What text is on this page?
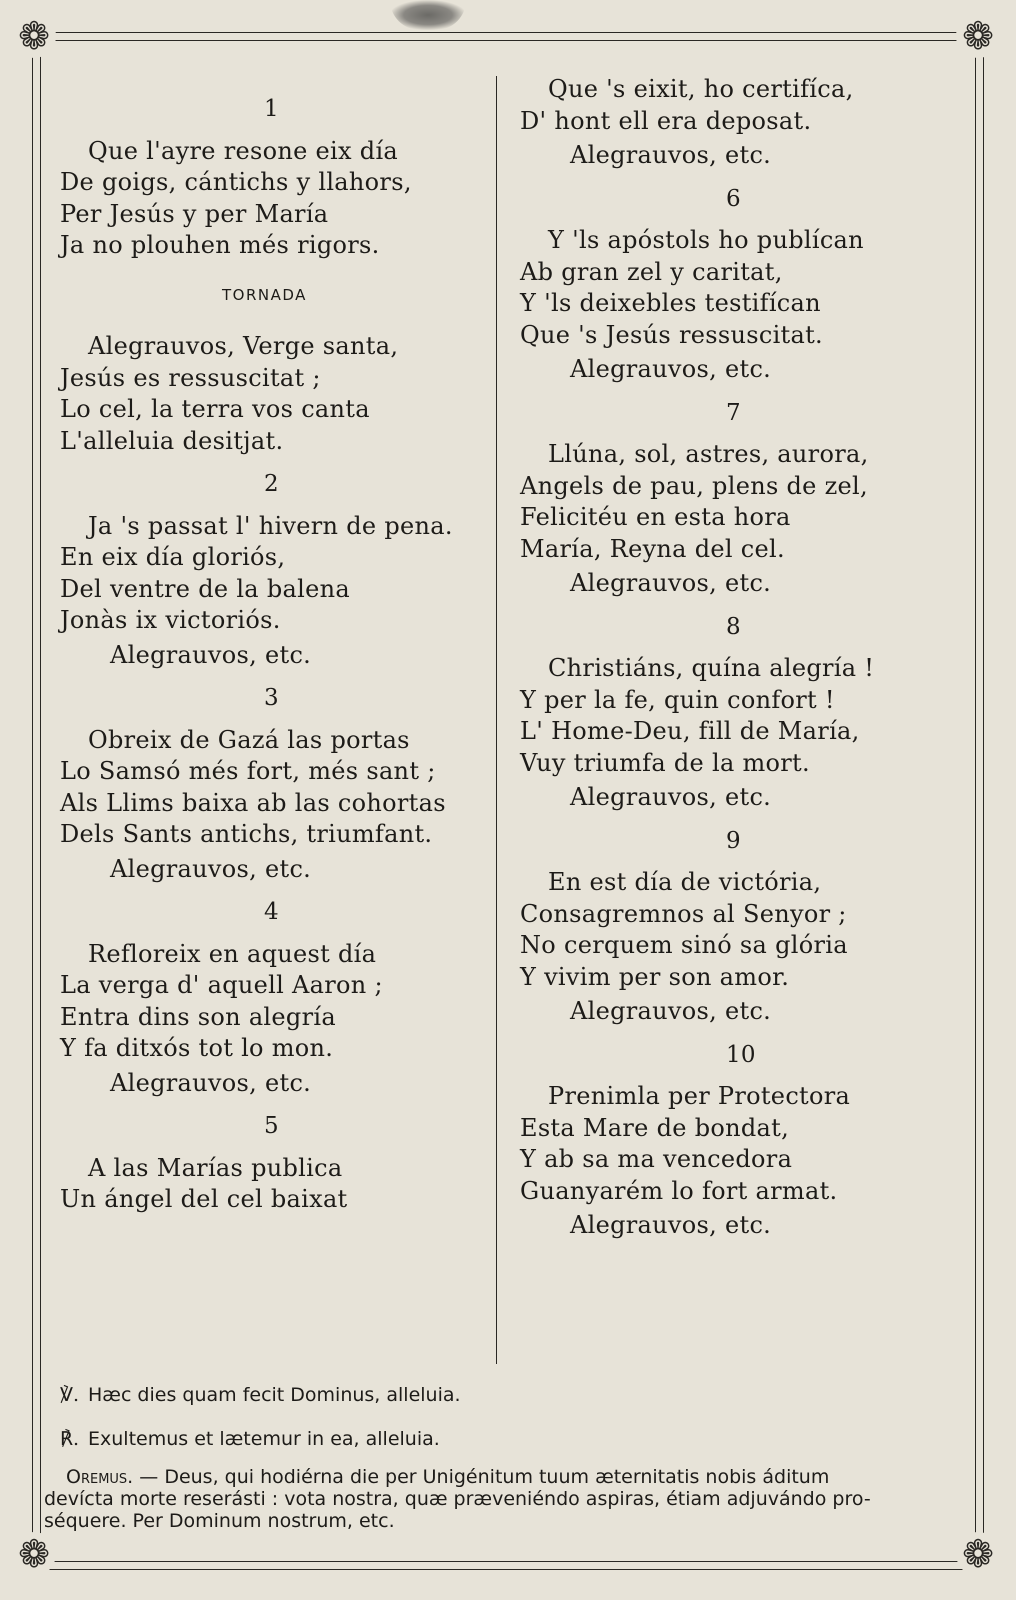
❁	❁
❁	❁
1
Que l'ayre resone eix día
De goigs, cántichs y llahors,
Per Jesús y per María
Ja no plouhen més rigors.
TORNADA
Alegrauvos, Verge santa,
Jesús es ressuscitat ;
Lo cel, la terra vos canta
L'alleluia desitjat.
2
Ja 's passat l' hivern de pena.
En eix día gloriós,
Del ventre de la balena
Jonàs ix victoriós.
Alegrauvos, etc.
3
Obreix de Gazá las portas
Lo Samsó més fort, més sant ;
Als Llims baixa ab las cohortas
Dels Sants antichs, triumfant.
Alegrauvos, etc.
4
Refloreix en aquest día
La verga d' aquell Aaron ;
Entra dins son alegría
Y fa ditxós tot lo mon.
Alegrauvos, etc.
5
A las Marías publica
Un ángel del cel baixat
Que 's eixit, ho certifíca,
D' hont ell era deposat.
Alegrauvos, etc.
6
Y 'ls apóstols ho publícan
Ab gran zel y caritat,
Y 'ls deixebles testifícan
Que 's Jesús ressuscitat.
Alegrauvos, etc.
7
Llúna, sol, astres, aurora,
Angels de pau, plens de zel,
Felicitéu en esta hora
María, Reyna del cel.
Alegrauvos, etc.
8
Christiáns, quína alegría !
Y per la fe, quin confort !
L' Home-Deu, fill de María,
Vuy triumfa de la mort.
Alegrauvos, etc.
9
En est día de victória,
Consagremnos al Senyor ;
No cerquem sinó sa glória
Y vivim per son amor.
Alegrauvos, etc.
10
Prenimla per Protectora
Esta Mare de bondat,
Y ab sa ma vencedora
Guanyarém lo fort armat.
Alegrauvos, etc.
℣. Hæc dies quam fecit Dominus, alleluia.
℟. Exultemus et lætemur in ea, alleluia.
Oremus. — Deus, qui hodiérna die per Unigénitum tuum æternitatis nobis áditum
devícta morte reserásti : vota nostra, quæ præveniéndo aspiras, étiam adjuvándo pro-
séquere. Per Dominum nostrum, etc.
